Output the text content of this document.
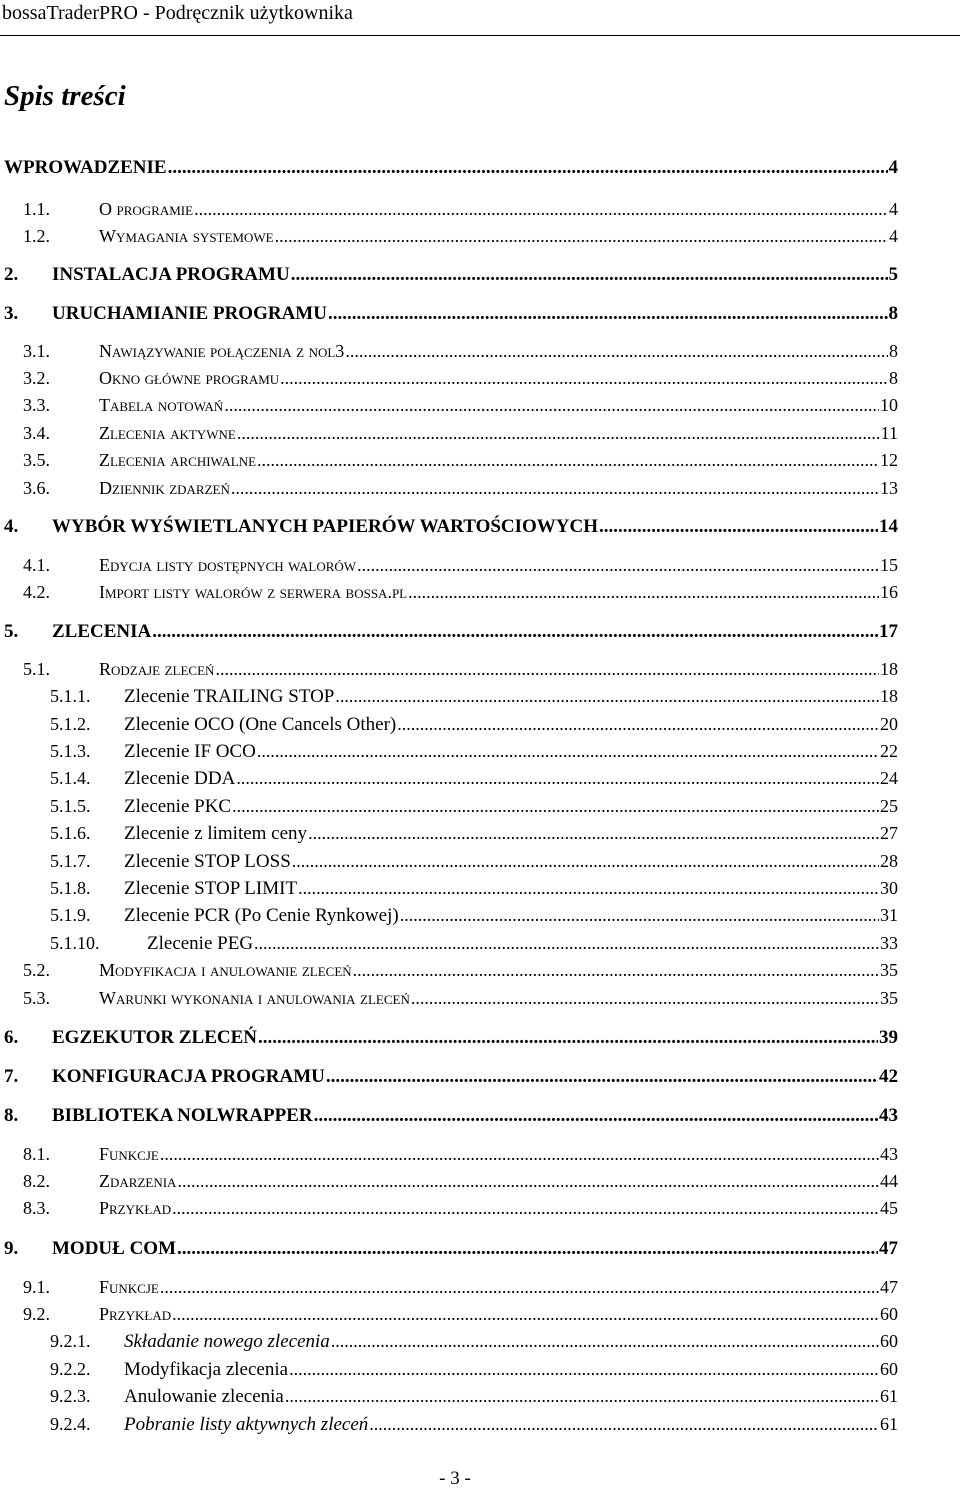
bossaTraderPRO - Podręcznik użytkownika
Spis treści
WPROWADZENIE .....	4
1.1.	O programie .....	4
1.2.	Wymagania systemowe .....	4
2.	INSTALACJA PROGRAMU .....	5
3.	URUCHAMIANIE PROGRAMU .....	8
3.1.	Nawiązywanie połączenia z nol3 .....	8
3.2.	Okno główne programu .....	8
3.3.	Tabela notowań .....	10
3.4.	Zlecenia aktywne .....	11
3.5.	Zlecenia archiwalne .....	12
3.6.	Dziennik zdarzeń .....	13
4.	WYBÓR WYŚWIETLANYCH PAPIERÓW WARTOŚCIOWYCH .....	14
4.1.	Edycja listy dostępnych walorów .....	15
4.2.	Import listy walorów z serwera bossa.pl .....	16
5.	ZLECENIA .....	17
5.1.	Rodzaje zleceń .....	18
5.1.1.	Zlecenie TRAILING STOP .....	18
5.1.2.	Zlecenie OCO (One Cancels Other) .....	20
5.1.3.	Zlecenie IF OCO .....	22
5.1.4.	Zlecenie DDA .....	24
5.1.5.	Zlecenie PKC .....	25
5.1.6.	Zlecenie z limitem ceny .....	27
5.1.7.	Zlecenie STOP LOSS .....	28
5.1.8.	Zlecenie STOP LIMIT .....	30
5.1.9.	Zlecenie PCR (Po Cenie Rynkowej) .....	31
5.1.10.	Zlecenie PEG .....	33
5.2.	Modyfikacja i anulowanie zleceń .....	35
5.3.	Warunki wykonania i anulowania zleceń .....	35
6.	EGZEKUTOR ZLECEŃ .....	39
7.	KONFIGURACJA PROGRAMU .....	42
8.	BIBLIOTEKA NOLWRAPPER .....	43
8.1.	Funkcje .....	43
8.2.	Zdarzenia .....	44
8.3.	Przykład .....	45
9.	MODUŁ COM .....	47
9.1.	Funkcje .....	47
9.2.	Przykład .....	60
9.2.1.	Składanie nowego zlecenia .....	60
9.2.2.	Modyfikacja zlecenia .....	60
9.2.3.	Anulowanie zlecenia .....	61
9.2.4.	Pobranie listy aktywnych zleceń .....	61
- 3 -
